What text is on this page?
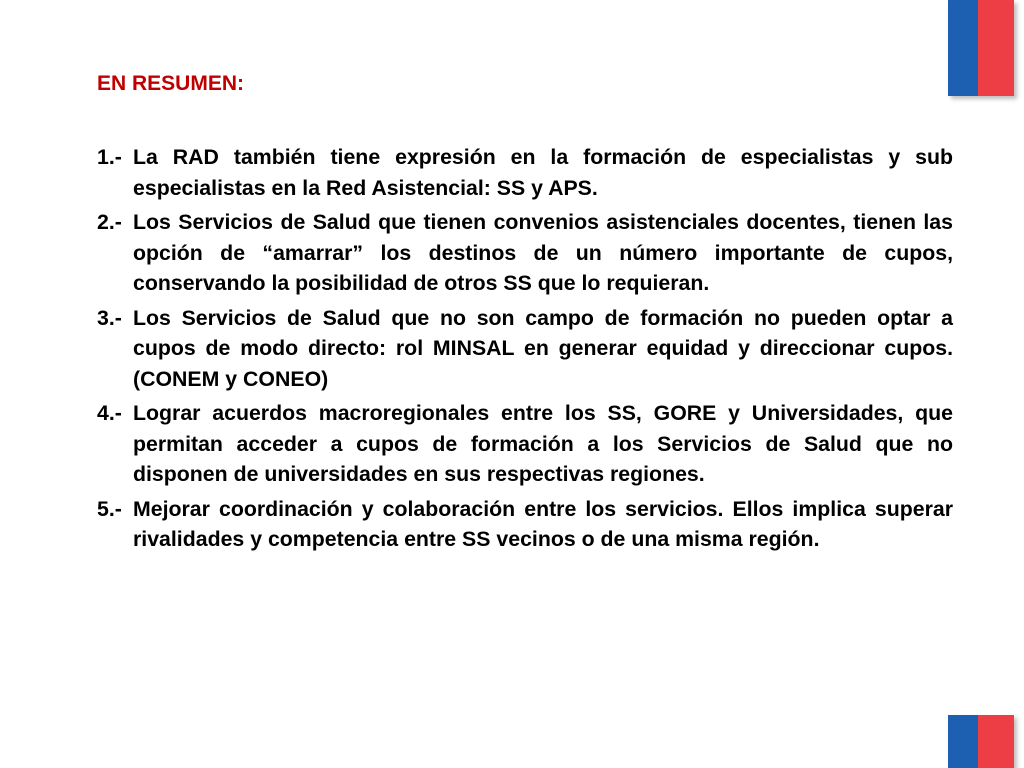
EN RESUMEN:
1.- La RAD también tiene expresión en la formación de especialistas y sub especialistas en la Red Asistencial: SS y APS.
2.- Los Servicios de Salud que tienen convenios asistenciales docentes, tienen las opción de “amarrar” los destinos de un número importante de cupos, conservando la posibilidad de otros SS que lo requieran.
3.- Los Servicios de Salud que no son campo de formación no pueden optar a cupos de modo directo: rol MINSAL en generar equidad y direccionar cupos.(CONEM y CONEO)
4.- Lograr acuerdos macroregionales entre los SS, GORE y Universidades, que permitan acceder a cupos de formación a los Servicios de Salud que no disponen de universidades en sus respectivas regiones.
5.- Mejorar coordinación y colaboración entre los servicios. Ellos implica superar rivalidades y competencia entre SS vecinos o de una misma región.
